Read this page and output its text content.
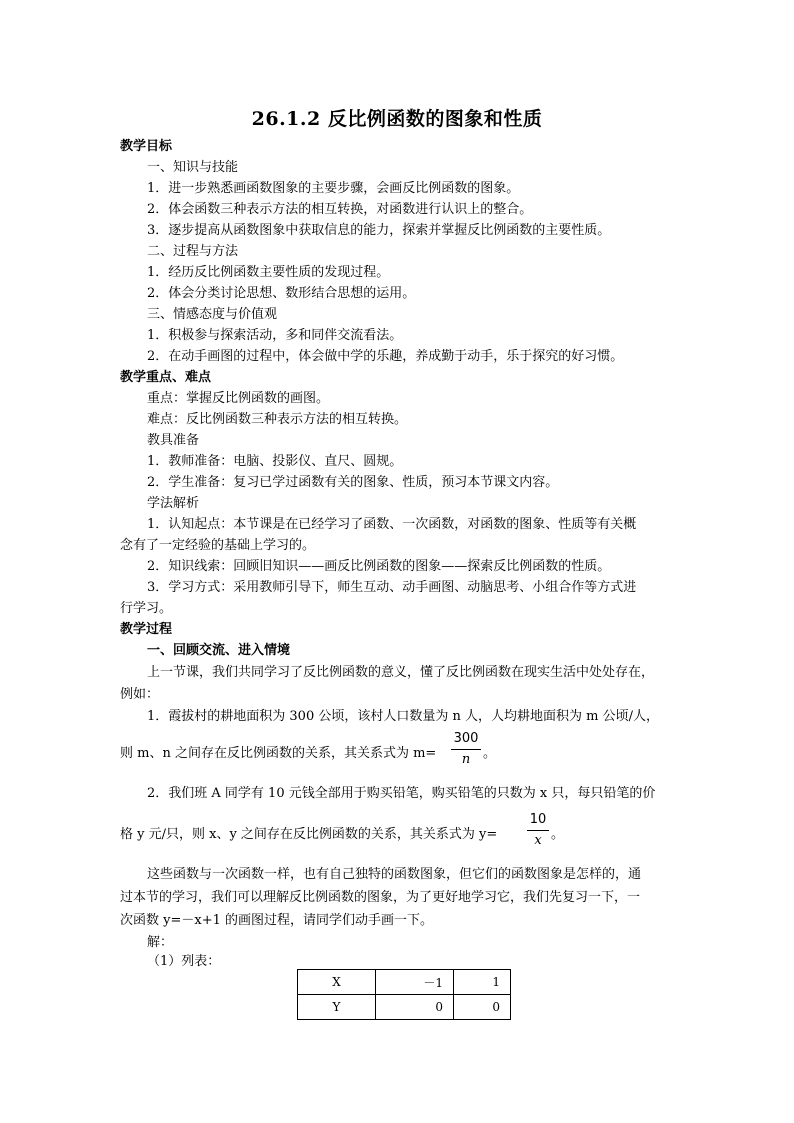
26.1.2 反比例函数的图象和性质
教学目标
一、知识与技能
1．进一步熟悉画函数图象的主要步骤，会画反比例函数的图象。
2．体会函数三种表示方法的相互转换，对函数进行认识上的整合。
3．逐步提高从函数图象中获取信息的能力，探索并掌握反比例函数的主要性质。
二、过程与方法
1．经历反比例函数主要性质的发现过程。
2．体会分类讨论思想、数形结合思想的运用。
三、情感态度与价值观
1．积极参与探索活动，多和同伴交流看法。
2．在动手画图的过程中，体会做中学的乐趣，养成勤于动手，乐于探究的好习惯。
教学重点、难点
重点：掌握反比例函数的画图。
难点：反比例函数三种表示方法的相互转换。
教具准备
1．教师准备：电脑、投影仪、直尺、圆规。
2．学生准备：复习已学过函数有关的图象、性质，预习本节课文内容。
学法解析
1．认知起点：本节课是在已经学习了函数、一次函数，对函数的图象、性质等有关概
念有了一定经验的基础上学习的。
2．知识线索：回顾旧知识——画反比例函数的图象——探索反比例函数的性质。
3．学习方式：采用教师引导下，师生互动、动手画图、动脑思考、小组合作等方式进
行学习。
教学过程
一、回顾交流、进入情境
上一节课，我们共同学习了反比例函数的意义，懂了反比例函数在现实生活中处处存在，
例如：
1．霞拔村的耕地面积为 300 公顷，该村人口数量为 n 人，人均耕地面积为 m 公顷/人，
则 m、n 之间存在反比例函数的关系，其关系式为 m=
300
n 。
2．我们班 A 同学有 10 元钱全部用于购买铅笔，购买铅笔的只数为 x 只，每只铅笔的价
格 y 元/只，则 x、y 之间存在反比例函数的关系，其关系式为 y=
10
x 。
这些函数与一次函数一样，也有自己独特的函数图象，但它们的函数图象是怎样的，通
过本节的学习，我们可以理解反比例函数的图象，为了更好地学习它，我们先复习一下，一
次函数 y=－x+1 的画图过程，请同学们动手画一下。
解：
（1）列表：
X	－1	1
Y	0	0
